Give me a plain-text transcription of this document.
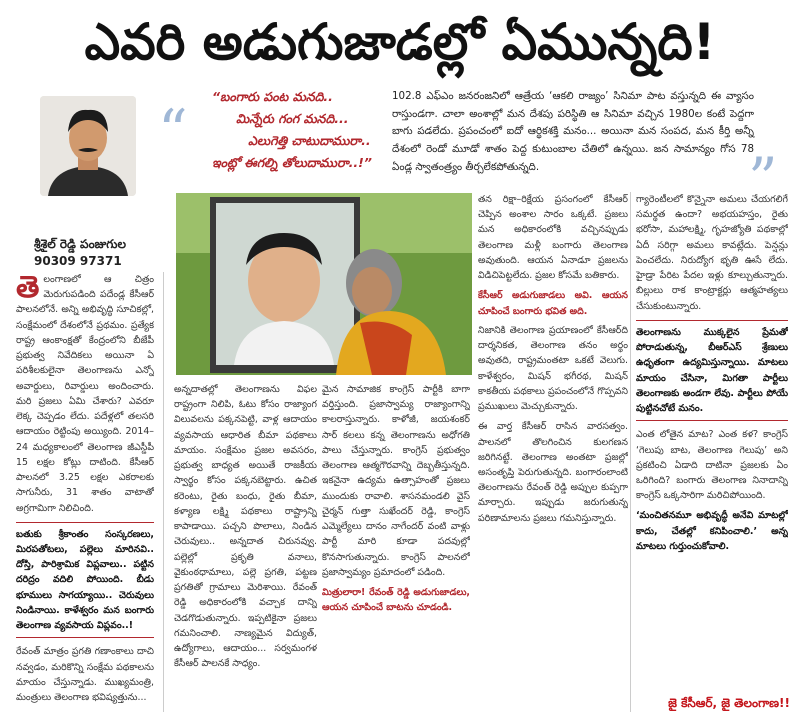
ఎవరి అడుగుజాడల్లో ఏమున్నది!
శ్రీశైల్ రెడ్డి పంజుగుల
90309 97371
“
“బంగారు పంట మనది..
మిన్నేరు గంగ మనది...
ఎలుగెత్తి చాటుదామురా..
ఇంట్లో ఈగల్ని తోలుదామురా..!”	”
102.8 ఎఫ్‌ఎం జనరంజనిలో ఆత్రేయ ‘ఆకలి రాజ్యం’ సినిమా పాట వస్తున్నది ఈ వ్యాసం రాస్తుండగా. చాలా అంశాల్లో మన దేశపు పరిస్థితి ఆ సినిమా వచ్చిన 1980ల కంటే పెద్దగా బాగు పడలేదు. ప్రపంచంలో ఐదో ఆర్థికశక్తి మనం... అయినా మన సంపద, మన కీర్తి అన్నీ దేశంలో రెండో మూడో శాతం పెద్ద కుటుంబాల చేతిలో ఉన్నయి. జన సామాన్యం గోస 78 ఏండ్ల స్వాతంత్ర్యం తీర్చలేకపోతున్నది.

తెలంగాణలో ఆ చిత్రం మెరుగుపడింది పదేండ్ల కేసీఆర్ పాలనలోనే. అన్ని అభివృద్ధి సూచికల్లో, సంక్షేమంలో దేశంలోనే ప్రథమం. ప్రత్యేక రాష్ట్ర ఆంకాంక్షతో కేంద్రంలోని బీజేపీ ప్రభుత్వ నివేదికలు అయినా ఏ పరిశీలకులైనా తెలంగాణను ఎన్నో అవార్డులు, రివార్డులు అందించారు. మరి ప్రజలు ఏమి చేశారు? ఎవరూ లెక్క చెప్పడం లేదు. పదేళ్లలో తలసరి ఆదాయం రెట్టింపు అయ్యింది. 2014–24 మధ్యకాలంలో తెలంగాణ జీఎస్డీపీ 15 లక్షల కోట్లు దాటింది. కేసీఆర్ పాలనలో 3.25 లక్షల ఎకరాలకు సాగునీరు, 31 శాతం వాటాతో అగ్రగామిగా నిలిచింది.

బతుకు శ్రీకాంతం సంస్కరణలు, మిరపతోటలు, పల్లెలు మారినవి.. దోస్తి, పారిశ్రామిక విప్లవాలు.. పట్టిన దరిద్రం వదిలి పోయింది. బీడు భూములు సాగయ్యాయి.. చెరువులు నిండినాయి. కాళేశ్వరం మన బంగారు తెలంగాణ వ్యవసాయ విప్లవం..!

రేవంత్ మాత్రం ప్రగతి గణాంకాలు దాచి నవ్వడం, మరికొన్ని సంక్షేమ పథకాలను మాయం చేస్తున్నాడు. ముఖ్యమంత్రి, మంత్రులు తెలంగాణ భవిష్యత్తును...

అన్నదాతల్లో తెలంగాణను విఫల రాష్ట్రంగా నిలిపి, ఓటు కోసం రాజ్యాంగ విలువలను పక్కనపెట్టి, వాళ్ల ఆదాయం వ్యవసాయ ఆధారిత బీమా పథకాలు మాయం. సంక్షేమం ప్రజల అవసరం, ప్రభుత్వ బాధ్యత అయితే రాజకీయ స్వార్థం కోసం పక్కనబెట్టారు. ఉచిత కరెంటు, రైతు బంధు, రైతు బీమా, కళ్యాణ లక్ష్మి పథకాలు రాష్ట్రాన్ని కాపాడాయి. పచ్చని పొలాలు, నిండిన చెరువులు.. అన్నదాత చిరునవ్వు. పల్లెల్లో ప్రకృతి వనాలు, వైకుంఠధామాలు, పల్లె ప్రగతి, పట్టణ ప్రగతితో గ్రామాలు మెరిశాయి. రేవంత్ రెడ్డి అధికారంలోకి వచ్చాక దాన్ని చెడగొడుతున్నారు. ఇప్పటికైనా ప్రజలు గమనించాలి. నాణ్యమైన విద్యుత్, ఉద్యోగాలు, ఆదాయం... సర్వమంగళ కేసీఆర్ పాలనకే సాధ్యం.

మైన సామాజిక కాంగ్రెస్ పార్టీకి బాగా వర్తిస్తుంది. ప్రజాస్వామ్య రాజ్యాంగాన్ని కాలరాస్తున్నారు. కాళోజీ, జయశంకర్ సార్ కలలు కన్న తెలంగాణను అధోగతి పాలు చేస్తున్నారు. కాంగ్రెస్ ప్రభుత్వం తెలంగాణ ఆత్మగౌరవాన్ని దెబ్బతీస్తున్నది. ఇకనైనా ఉద్యమ ఉత్సాహంతో ప్రజలు ముందుకు రావాలి. శాసనమండలి వైస్ చైర్మన్ గుత్తా సుఖేందర్ రెడ్డి, కాంగ్రెస్ ఎమ్మెల్యేలు దానం నాగేందర్ వంటి వాళ్లు పార్టీ మారి కూడా పదవుల్లో కొనసాగుతున్నారు. కాంగ్రెస్ పాలనలో ప్రజాస్వామ్యం ప్రమాదంలో పడింది.

మిత్రులారా! రేవంత్ రెడ్డి అడుగుజాడలు, ఆయన చూపించే బాటను చూడండి.

తన రిక్షా–రిక్షేయ ప్రసంగంలో కేసీఆర్ చెప్పిన అంశాల సారం ఒక్కటే. ప్రజలు మన అధికారంలోకి వచ్చినప్పుడు తెలంగాణ మళ్లీ బంగారు తెలంగాణ అవుతుంది. ఆయన ఏనాడూ ప్రజలను విడిచిపెట్టలేదు. ప్రజల కోసమే బతికారు.

కేసీఆర్ అడుగుజాడలు అవి. ఆయన చూపించే బంగారు భవిత అది.

నిజానికి తెలంగాణ ప్రయాణంలో కేసీఆర్‌ది దార్శనికత, తెలంగాణ తనం అర్థం అవుతది, రాష్ట్రమంతటా ఒకటే వెలుగు. కాళేశ్వరం, మిషన్ భగీరథ, మిషన్ కాకతీయ పథకాలు ప్రపంచంలోనే గొప్పవని ప్రముఖులు మెచ్చుకున్నారు.

ఈ వార్త కేసీఆర్ రాసిన వారసత్వం. పాలనలో తొలగించిన కులగణన జరిగినట్టే. తెలంగాణ అంతటా ప్రజల్లో అసంతృప్తి పెరుగుతున్నది. బంగారంలాంటి తెలంగాణను రేవంత్ రెడ్డి అప్పుల కుప్పగా మార్చారు. ఇప్పుడు జరుగుతున్న పరిణామాలను ప్రజలు గమనిస్తున్నారు.

గ్యారెంటీలలో కొన్నైనా అమలు చేయగలిగే సమర్థత ఉందా? అభయహస్తం, రైతు భరోసా, మహాలక్ష్మి, గృహజ్యోతి పథకాల్లో ఏదీ సరిగ్గా అమలు కావట్లేదు. పెన్షన్లు పెంచలేదు. నిరుద్యోగ భృతి ఊసే లేదు. హైడ్రా పేరిట పేదల ఇళ్లు కూల్చుతున్నారు. బిల్లులు రాక కాంట్రాక్టర్లు ఆత్మహత్యలు చేసుకుంటున్నారు.

తెలంగాణను ముక్కలైన ప్రేమతో పోరాడుతున్న, బీఆర్ఎస్ శ్రేణులు ఉధృతంగా ఉద్యమిస్తున్నాయి. మాటలు మాయం చేసినా, మిగతా పార్టీలు తెలంగాణకు అండగా లేవు. పార్టీలు పోయే పుట్టినచోటే మనం.

ఎంత లోతైన మాట? ఎంత కళ? కాంగ్రెస్ ‘గెలుపు బాట, తెలంగాణ గెలుపు’ అని ప్రకటించి ఏడాది దాటినా ప్రజలకు ఏం ఒరిగింది? బంగారు తెలంగాణ నినాదాన్ని కాంగ్రెస్ ఒక్కసారిగా మరిచిపోయింది.

‘మంచితనమూ అభివృద్ధీ అనేవి మాటల్లో కాదు, చేతల్లో కనిపించాలి.’ అన్న మాటలు గుర్తుంచుకోవాలి.

జై కేసీఆర్, జై తెలంగాణ!!
